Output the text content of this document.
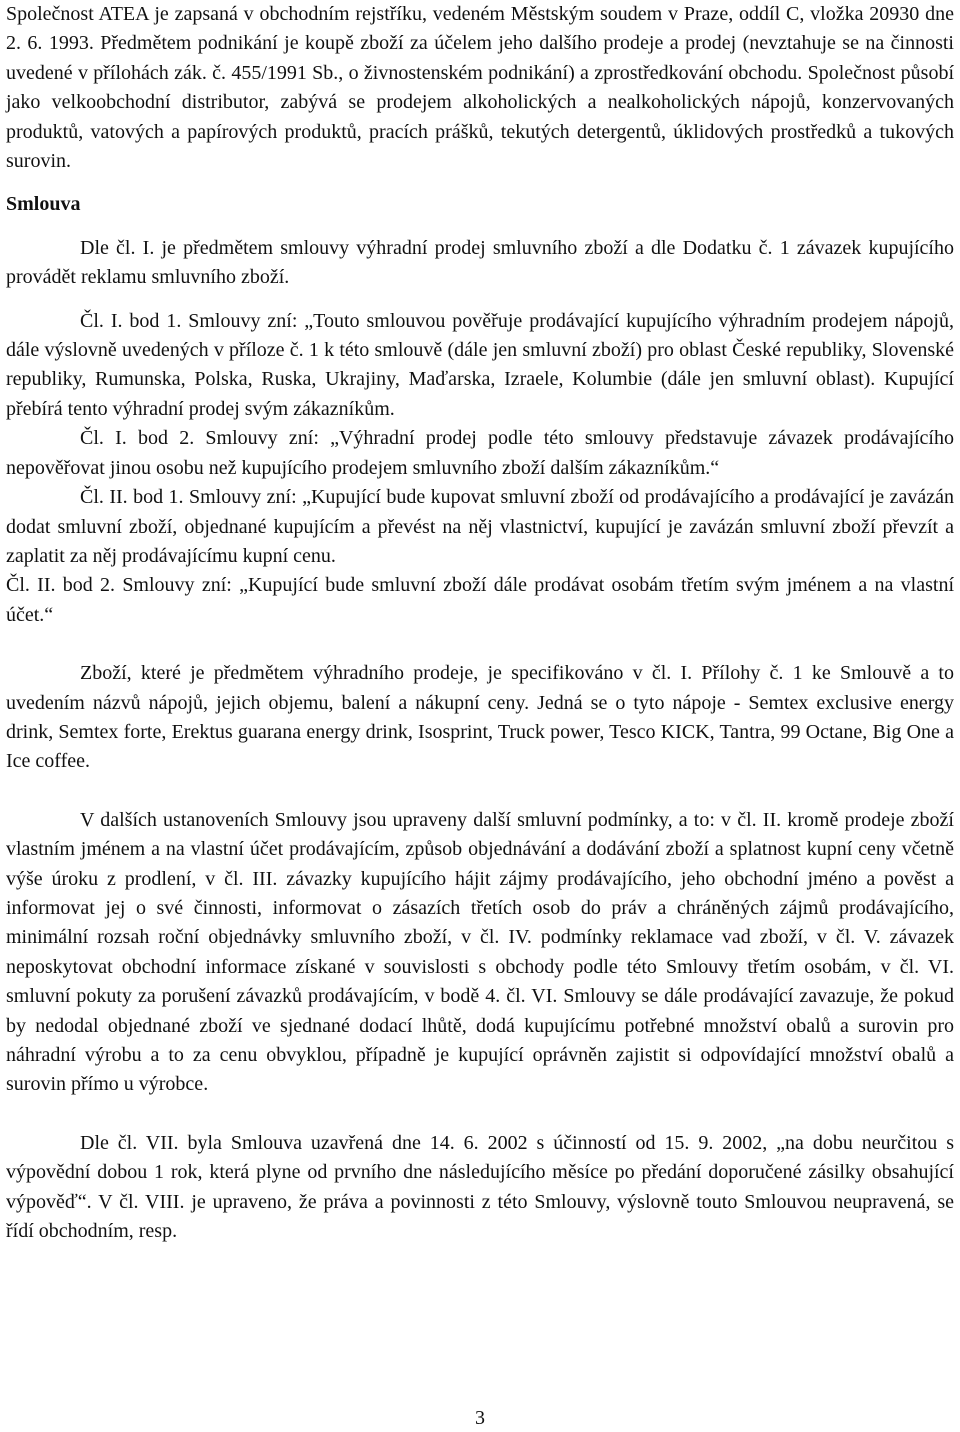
Společnost ATEA je zapsaná v obchodním rejstříku, vedeném Městským soudem v Praze, oddíl C, vložka 20930 dne 2. 6. 1993. Předmětem podnikání je koupě zboží za účelem jeho dalšího prodeje a prodej (nevztahuje se na činnosti uvedené v přílohách zák. č. 455/1991 Sb., o živnostenském podnikání) a zprostředkování obchodu. Společnost působí jako velkoobchodní distributor, zabývá se prodejem alkoholických a nealkoholických nápojů, konzervovaných produktů, vatových a papírových produktů, pracích prášků, tekutých detergentů, úklidových prostředků a tukových surovin.

Smlouva

Dle čl. I. je předmětem smlouvy výhradní prodej smluvního zboží a dle Dodatku č. 1 závazek kupujícího provádět reklamu smluvního zboží.

Čl. I. bod 1. Smlouvy zní: „Touto smlouvou pověřuje prodávající kupujícího výhradním prodejem nápojů, dále výslovně uvedených v příloze č. 1 k této smlouvě (dále jen smluvní zboží) pro oblast České republiky, Slovenské republiky, Rumunska, Polska, Ruska, Ukrajiny, Maďarska, Izraele, Kolumbie (dále jen smluvní oblast). Kupující přebírá tento výhradní prodej svým zákazníkům.

Čl. I. bod 2. Smlouvy zní: „Výhradní prodej podle této smlouvy představuje závazek prodávajícího nepověřovat jinou osobu než kupujícího prodejem smluvního zboží dalším zákazníkům.“

Čl. II. bod 1. Smlouvy zní: „Kupující bude kupovat smluvní zboží od prodávajícího a prodávající je zavázán dodat smluvní zboží, objednané kupujícím a převést na něj vlastnictví, kupující je zavázán smluvní zboží převzít a zaplatit za něj prodávajícímu kupní cenu.

Čl. II. bod 2. Smlouvy zní: „Kupující bude smluvní zboží dále prodávat osobám třetím svým jménem a na vlastní účet.“

Zboží, které je předmětem výhradního prodeje, je specifikováno v čl. I. Přílohy č. 1 ke Smlouvě a to uvedením názvů nápojů, jejich objemu, balení a nákupní ceny. Jedná se o tyto nápoje - Semtex exclusive energy drink, Semtex forte, Erektus guarana energy drink, Isosprint, Truck power, Tesco KICK, Tantra, 99 Octane, Big One a Ice coffee.

V dalších ustanoveních Smlouvy jsou upraveny další smluvní podmínky, a to: v čl. II. kromě prodeje zboží vlastním jménem a na vlastní účet prodávajícím, způsob objednávání a dodávání zboží a splatnost kupní ceny včetně výše úroku z prodlení, v čl. III. závazky kupujícího hájit zájmy prodávajícího, jeho obchodní jméno a pověst a informovat jej o své činnosti, informovat o zásazích třetích osob do práv a chráněných zájmů prodávajícího, minimální rozsah roční objednávky smluvního zboží, v čl. IV. podmínky reklamace vad zboží, v čl. V. závazek neposkytovat obchodní informace získané v souvislosti s obchody podle této Smlouvy třetím osobám, v čl. VI. smluvní pokuty za porušení závazků prodávajícím, v bodě 4. čl. VI. Smlouvy se dále prodávající zavazuje, že pokud by nedodal objednané zboží ve sjednané dodací lhůtě, dodá kupujícímu potřebné množství obalů a surovin pro náhradní výrobu a to za cenu obvyklou, případně je kupující oprávněn zajistit si odpovídající množství obalů a surovin přímo u výrobce.

Dle čl. VII. byla Smlouva uzavřená dne 14. 6. 2002 s účinností od 15. 9. 2002, „na dobu neurčitou s výpovědní dobou 1 rok, která plyne od prvního dne následujícího měsíce po předání doporučené zásilky obsahující výpověď“. V čl. VIII. je upraveno, že práva a povinnosti z této Smlouvy, výslovně touto Smlouvou neupravená, se řídí obchodním, resp.

3
